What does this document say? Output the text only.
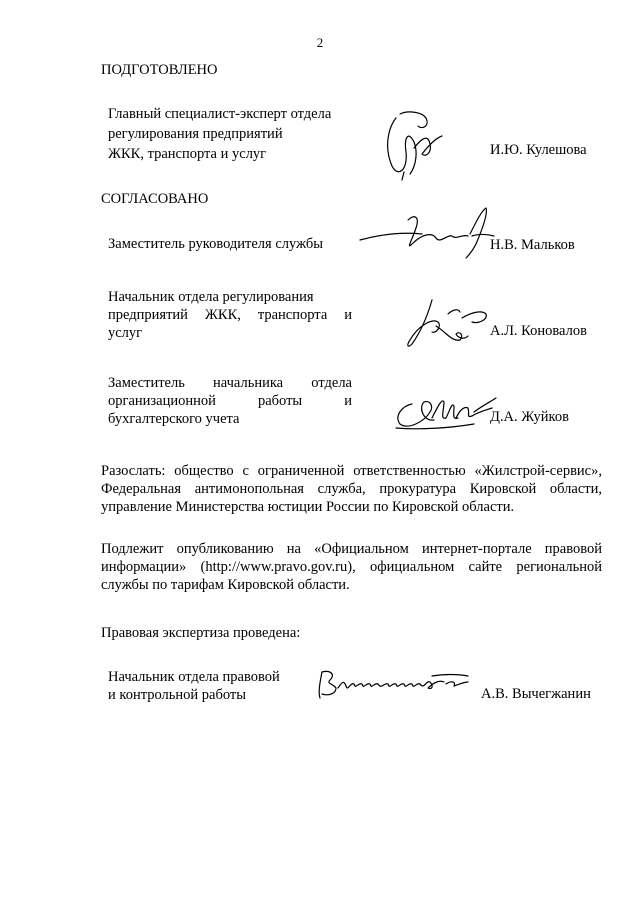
2
ПОДГОТОВЛЕНО
Главный специалист-эксперт отдела
регулирования предприятий
ЖКК, транспорта и услуг	И.Ю. Кулешова
СОГЛАСОВАНО
Заместитель руководителя службы	Н.В. Мальков
Начальник отдела регулирования
предприятий ЖКК, транспорта и
услуг	А.Л. Коновалов
Заместитель начальника отдела
организационной работы и
бухгалтерского учета	Д.А. Жуйков
Разослать: общество с ограниченной ответственностью «Жилстрой-сервис»,
Федеральная антимонопольная служба, прокуратура Кировской области,
управление Министерства юстиции России по Кировской области.
Подлежит опубликованию на «Официальном интернет-портале правовой
информации» (http://www.pravo.gov.ru), официальном сайте региональной
службы по тарифам Кировской области.
Правовая экспертиза проведена:
Начальник отдела правовой
и контрольной работы	А.В. Вычегжанин
